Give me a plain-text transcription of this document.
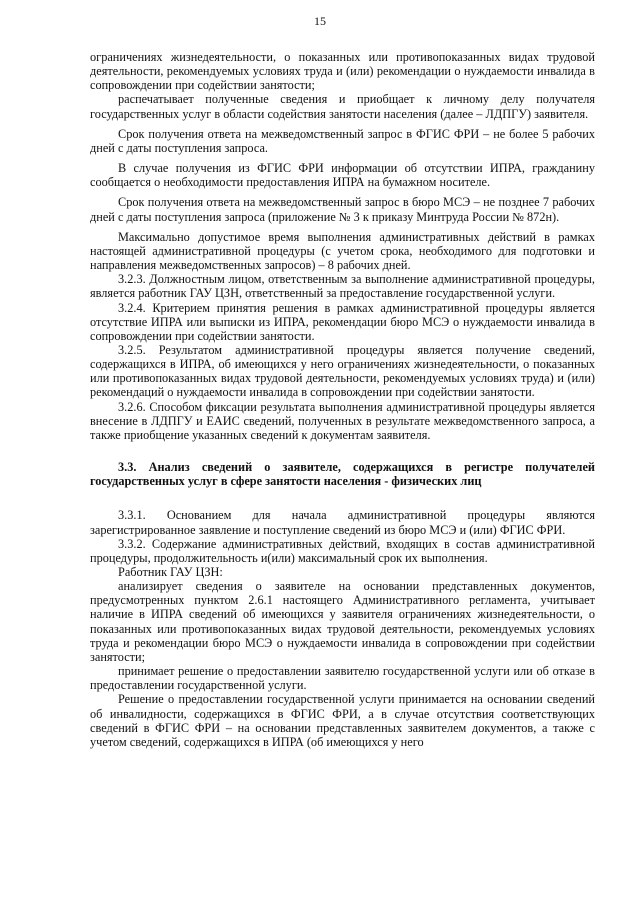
15

ограничениях жизнедеятельности, о показанных или противопоказанных видах трудовой деятельности, рекомендуемых условиях труда и (или) рекомендации о нуждаемости инвалида в сопровождении при содействии занятости;

распечатывает полученные сведения и приобщает к личному делу получателя государственных услуг в области содействия занятости населения (далее – ЛДПГУ) заявителя.

Срок получения ответа на межведомственный запрос в ФГИС ФРИ – не более 5 рабочих дней с даты поступления запроса.

В случае получения из ФГИС ФРИ информации об отсутствии ИПРА, гражданину сообщается о необходимости предоставления ИПРА на бумажном носителе.

Срок получения ответа на межведомственный запрос в бюро МСЭ – не позднее 7 рабочих дней с даты поступления запроса (приложение № 3 к приказу Минтруда России № 872н).

Максимально допустимое время выполнения административных действий в рамках настоящей административной процедуры (с учетом срока, необходимого для подготовки и направления межведомственных запросов) – 8 рабочих дней.

3.2.3. Должностным лицом, ответственным за выполнение административной процедуры, является работник ГАУ ЦЗН, ответственный за предоставление государственной услуги.

3.2.4. Критерием принятия решения в рамках административной процедуры является отсутствие ИПРА или выписки из ИПРА, рекомендации бюро МСЭ о нуждаемости инвалида в сопровождении при содействии занятости.

3.2.5. Результатом административной процедуры является получение сведений, содержащихся в ИПРА, об имеющихся у него ограничениях жизнедеятельности, о показанных или противопоказанных видах трудовой деятельности, рекомендуемых условиях труда) и (или) рекомендаций о нуждаемости инвалида в сопровождении при содействии занятости.

3.2.6. Способом фиксации результата выполнения административной процедуры является внесение в ЛДПГУ и ЕАИС сведений, полученных в результате межведомственного запроса, а также приобщение указанных сведений к документам заявителя.

3.3. Анализ сведений о заявителе, содержащихся в регистре получателей государственных услуг в сфере занятости населения - физических лиц

3.3.1. Основанием для начала административной процедуры являются зарегистрированное заявление и поступление сведений из бюро МСЭ и (или) ФГИС ФРИ.

3.3.2. Содержание административных действий, входящих в состав административной процедуры, продолжительность и(или) максимальный срок их выполнения.

Работник ГАУ ЦЗН:

анализирует сведения о заявителе на основании представленных документов, предусмотренных пунктом 2.6.1 настоящего Административного регламента, учитывает наличие в ИПРА сведений об имеющихся у заявителя ограничениях жизнедеятельности, о показанных или противопоказанных видах трудовой деятельности, рекомендуемых условиях труда и рекомендации бюро МСЭ о нуждаемости инвалида в сопровождении при содействии занятости;

принимает решение о предоставлении заявителю государственной услуги или об отказе в предоставлении государственной услуги.

Решение о предоставлении государственной услуги принимается на основании сведений об инвалидности, содержащихся в ФГИС ФРИ, а в случае отсутствия соответствующих сведений в ФГИС ФРИ – на основании представленных заявителем документов, а также с учетом сведений, содержащихся в ИПРА (об имеющихся у него
